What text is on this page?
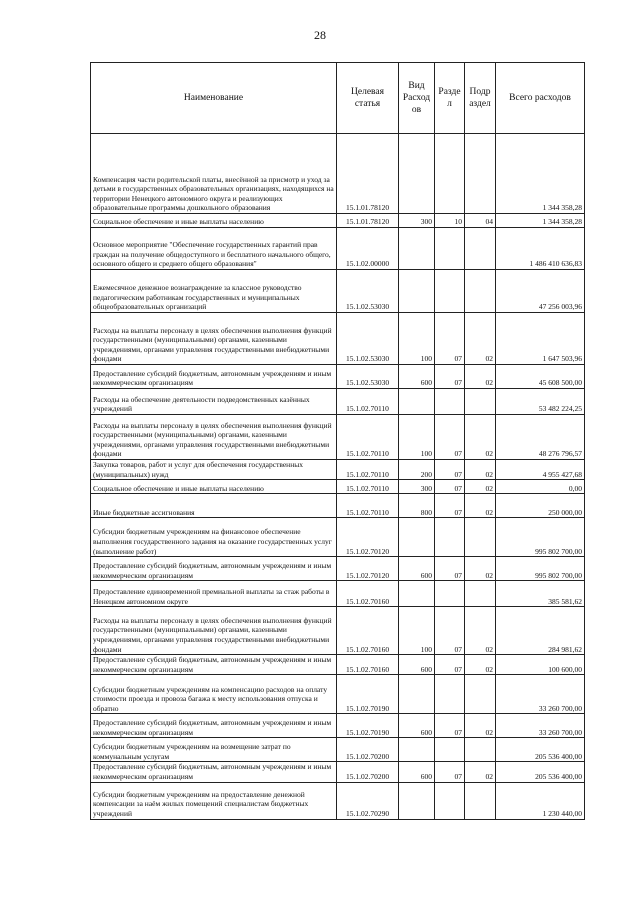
28
Наименование	Целевая статья	Вид Расход ов	Разде л	Подр аздел	Всего расходов
Компенсация части родительской платы, внесённой за присмотр и уход за детьми в государственных образовательных организациях, находящихся на территории Ненецкого автономного округа и реализующих образовательные программы дошкольного образования	15.1.01.78120				1 344 358,28
Социальное обеспечение и иные выплаты населению	15.1.01.78120	300	10	04	1 344 358,28
Основное мероприятие "Обеспечение государственных гарантий прав граждан на получение общедоступного и бесплатного начального общего, основного общего и среднего общего образования"	15.1.02.00000				1 486 410 636,83
Ежемесячное денежное вознаграждение за классное руководство педагогическим работникам государственных и муниципальных общеобразовательных организаций	15.1.02.53030				47 256 003,96
Расходы на выплаты персоналу в целях обеспечения выполнения функций государственными (муниципальными) органами, казенными учреждениями, органами управления государственными внебюджетными фондами	15.1.02.53030	100	07	02	1 647 503,96
Предоставление субсидий бюджетным, автономным учреждениям и иным некоммерческим организациям	15.1.02.53030	600	07	02	45 608 500,00
Расходы на обеспечение деятельности подведомственных казённых учреждений	15.1.02.70110				53 482 224,25
Расходы на выплаты персоналу в целях обеспечения выполнения функций государственными (муниципальными) органами, казенными учреждениями, органами управления государственными внебюджетными фондами	15.1.02.70110	100	07	02	48 276 796,57
Закупка товаров, работ и услуг для обеспечения государственных (муниципальных) нужд	15.1.02.70110	200	07	02	4 955 427,68
Социальное обеспечение и иные выплаты населению	15.1.02.70110	300	07	02	0,00
Иные бюджетные ассигнования	15.1.02.70110	800	07	02	250 000,00
Субсидии бюджетным учреждениям на финансовое обеспечение выполнения государственного задания на оказание государственных услуг (выполнение работ)	15.1.02.70120				995 802 700,00
Предоставление субсидий бюджетным, автономным учреждениям и иным некоммерческим организациям	15.1.02.70120	600	07	02	995 802 700,00
Предоставление единовременной премиальной выплаты за стаж работы в Ненецком автономном округе	15.1.02.70160				385 581,62
Расходы на выплаты персоналу в целях обеспечения выполнения функций государственными (муниципальными) органами, казенными учреждениями, органами управления государственными внебюджетными фондами	15.1.02.70160	100	07	02	284 981,62
Предоставление субсидий бюджетным, автономным учреждениям и иным некоммерческим организациям	15.1.02.70160	600	07	02	100 600,00
Субсидии бюджетным учреждениям на компенсацию расходов на оплату стоимости проезда и провоза багажа к месту использования отпуска и обратно	15.1.02.70190				33 260 700,00
Предоставление субсидий бюджетным, автономным учреждениям и иным некоммерческим организациям	15.1.02.70190	600	07	02	33 260 700,00
Субсидии бюджетным учреждениям на возмещение затрат по коммунальным услугам	15.1.02.70200				205 536 400,00
Предоставление субсидий бюджетным, автономным учреждениям и иным некоммерческим организациям	15.1.02.70200	600	07	02	205 536 400,00
Субсидии бюджетным учреждениям на предоставление денежной компенсации за наём жилых помещений специалистам бюджетных учреждений	15.1.02.70290				1 230 440,00
